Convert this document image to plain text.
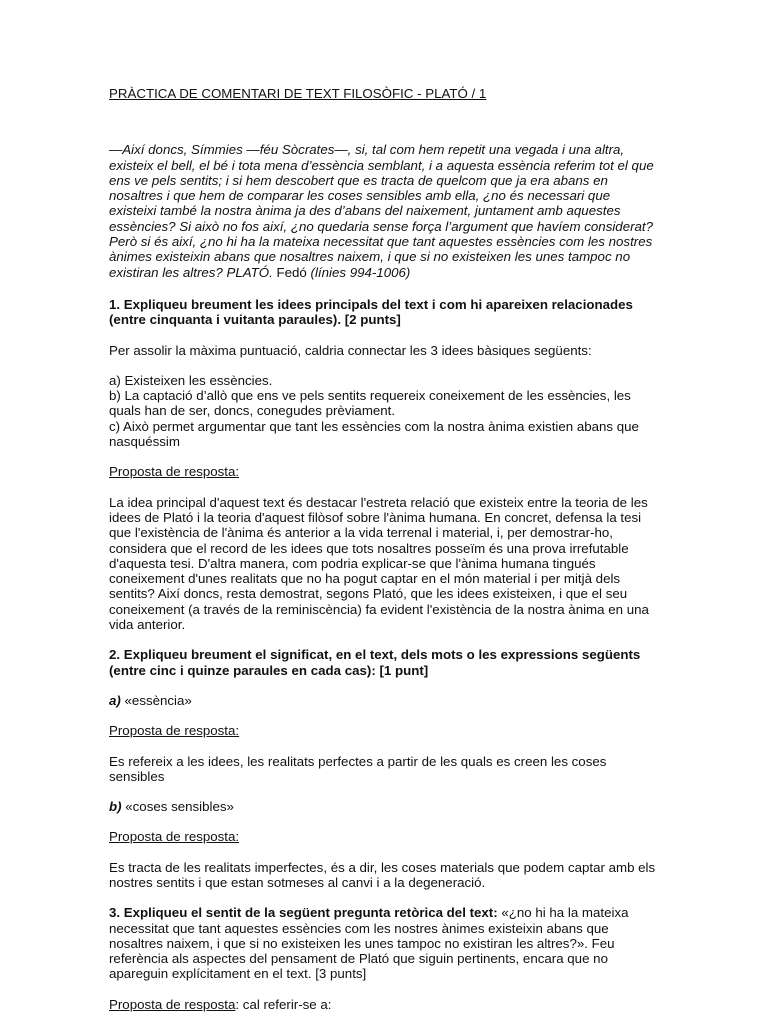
PRÀCTICA DE COMENTARI DE TEXT FILOSÒFIC - PLATÓ / 1

—Així doncs, Símmies —féu Sòcrates—, si, tal com hem repetit una vegada i una altra, existeix el bell, el bé i tota mena d’essència semblant, i a aquesta essència referim tot el que ens ve pels sentits; i si hem descobert que es tracta de quelcom que ja era abans en nosaltres i que hem de comparar les coses sensibles amb ella, ¿no és necessari que existeixi també la nostra ànima ja des d’abans del naixement, juntament amb aquestes essències? Si això no fos així, ¿no quedaria sense força l’argument que havíem considerat? Però si és així, ¿no hi ha la mateixa necessitat que tant aquestes essències com les nostres ànimes existeixin abans que nosaltres naixem, i que si no existeixen les unes tampoc no existiran les altres? PLATÓ. Fedó (línies 994-1006)

1. Expliqueu breument les idees principals del text i com hi apareixen relacionades (entre cinquanta i vuitanta paraules). [2 punts]

Per assolir la màxima puntuació, caldria connectar les 3 idees bàsiques següents:

a) Existeixen les essències.

b) La captació d’allò que ens ve pels sentits requereix coneixement de les essències, les quals han de ser, doncs, conegudes prèviament.

c) Això permet argumentar que tant les essències com la nostra ànima existien abans que nasquéssim

Proposta de resposta:

La idea principal d'aquest text és destacar l'estreta relació que existeix entre la teoria de les idees de Plató i la teoria d'aquest filòsof sobre l'ànima humana. En concret, defensa la tesi que l'existència de l'ànima és anterior a la vida terrenal i material, i, per demostrar-ho, considera que el record de les idees que tots nosaltres posseïm és una prova irrefutable d'aquesta tesi. D'altra manera, com podria explicar-se que l'ànima humana tingués coneixement d'unes realitats que no ha pogut captar en el món material i per mitjà dels sentits? Així doncs, resta demostrat, segons Plató, que les idees existeixen, i que el seu coneixement (a través de la reminiscència) fa evident l'existència de la nostra ànima en una vida anterior.

2. Expliqueu breument el significat, en el text, dels mots o les expressions següents (entre cinc i quinze paraules en cada cas): [1 punt]

a) «essència»

Proposta de resposta:

Es refereix a les idees, les realitats perfectes a partir de les quals es creen les coses sensibles

b) «coses sensibles»

Proposta de resposta:

Es tracta de les realitats imperfectes, és a dir, les coses materials que podem captar amb els nostres sentits i que estan sotmeses al canvi i a la degeneració.

3. Expliqueu el sentit de la següent pregunta retòrica del text: «¿no hi ha la mateixa necessitat que tant aquestes essències com les nostres ànimes existeixin abans que nosaltres naixem, i que si no existeixen les unes tampoc no existiran les altres?». Feu referència als aspectes del pensament de Plató que siguin pertinents, encara que no apareguin explícitament en el text. [3 punts]

Proposta de resposta: cal referir-se a:
